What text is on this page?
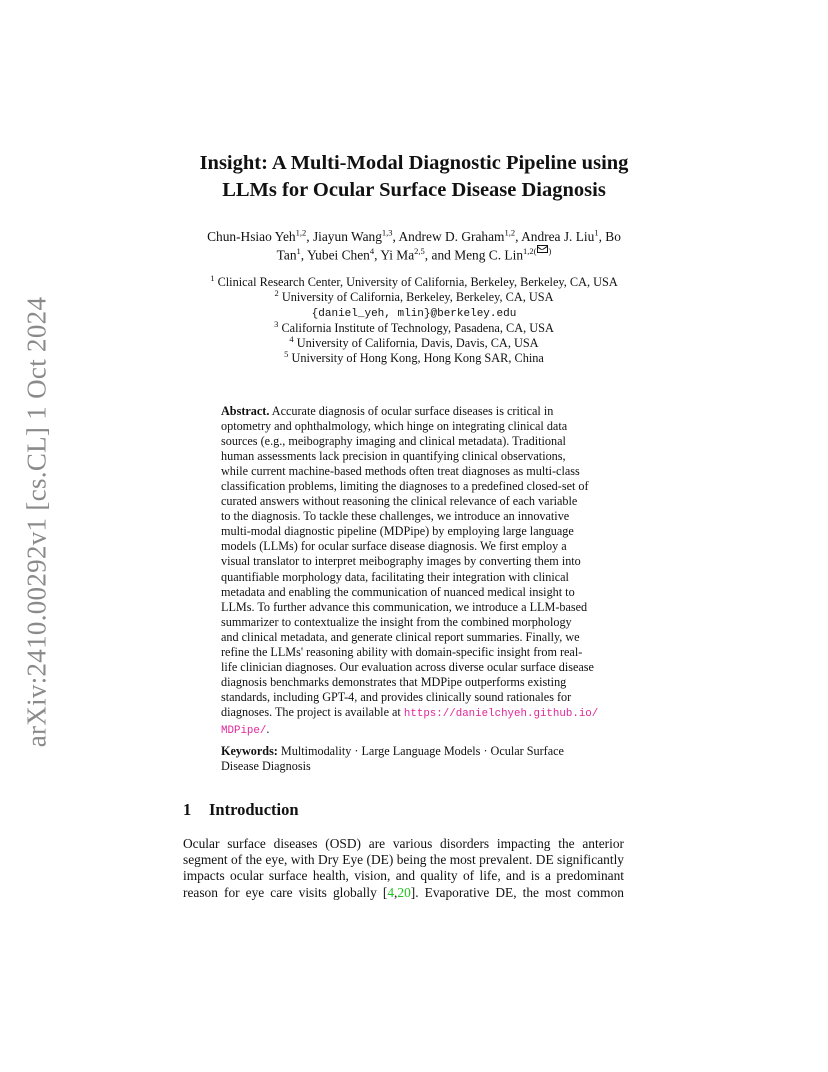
arXiv:2410.00292v1 [cs.CL] 1 Oct 2024
Insight: A Multi-Modal Diagnostic Pipeline using
LLMs for Ocular Surface Disease Diagnosis
Chun-Hsiao Yeh$^{1,2}$, Jiayun Wang$^{1,3}$, Andrew D. Graham$^{1,2}$, Andrea J. Liu$^1$, Bo
Tan$^1$, Yubei Chen$^4$, Yi Ma$^{2,5}$, and Meng C. Lin$^{1,2( )}$
$^1$ Clinical Research Center, University of California, Berkeley, Berkeley, CA, USA
$^2$ University of California, Berkeley, Berkeley, CA, USA
{daniel_yeh, mlin}@berkeley.edu
$^3$ California Institute of Technology, Pasadena, CA, USA
$^4$ University of California, Davis, Davis, CA, USA
$^5$ University of Hong Kong, Hong Kong SAR, China
Abstract. Accurate diagnosis of ocular surface diseases is critical in
optometry and ophthalmology, which hinge on integrating clinical data
sources (e.g., meibography imaging and clinical metadata). Traditional
human assessments lack precision in quantifying clinical observations,
while current machine-based methods often treat diagnoses as multi-class
classification problems, limiting the diagnoses to a predefined closed-set of
curated answers without reasoning the clinical relevance of each variable
to the diagnosis. To tackle these challenges, we introduce an innovative
multi-modal diagnostic pipeline (MDPipe) by employing large language
models (LLMs) for ocular surface disease diagnosis. We first employ a
visual translator to interpret meibography images by converting them into
quantifiable morphology data, facilitating their integration with clinical
metadata and enabling the communication of nuanced medical insight to
LLMs. To further advance this communication, we introduce a LLM-based
summarizer to contextualize the insight from the combined morphology
and clinical metadata, and generate clinical report summaries. Finally, we
refine the LLMs' reasoning ability with domain-specific insight from real-
life clinician diagnoses. Our evaluation across diverse ocular surface disease
diagnosis benchmarks demonstrates that MDPipe outperforms existing
standards, including GPT-4, and provides clinically sound rationales for
diagnoses. The project is available at https://danielchyeh.github.io/
MDPipe/.
Keywords: Multimodality · Large Language Models · Ocular Surface
Disease Diagnosis
1 Introduction
Ocular surface diseases (OSD) are various disorders impacting the anterior
segment of the eye, with Dry Eye (DE) being the most prevalent. DE significantly
impacts ocular surface health, vision, and quality of life, and is a predominant
reason for eye care visits globally [4,20]. Evaporative DE, the most common
